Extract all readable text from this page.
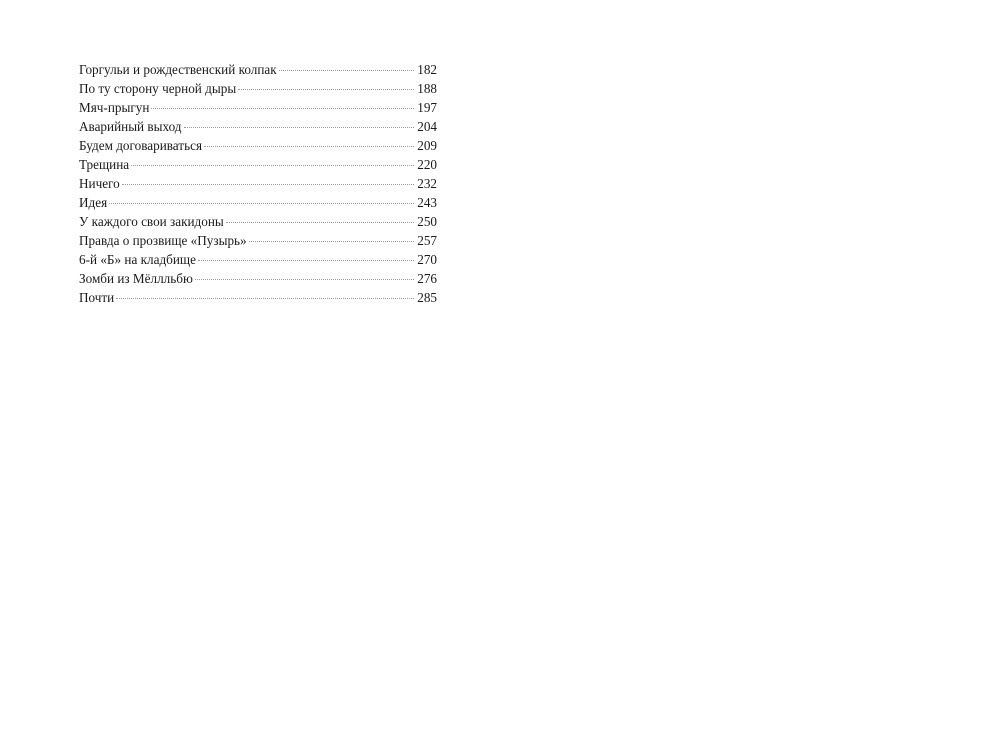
Горгульи и рождественский колпак	182
По ту сторону черной дыры	188
Мяч-прыгун	197
Аварийный выход	204
Будем договариваться	209
Трещина	220
Ничего	232
Идея	243
У каждого свои закидоны	250
Правда о прозвище «Пузырь»	257
6-й «Б» на кладбище	270
Зомби из Мёллльбю	276
Почти	285
